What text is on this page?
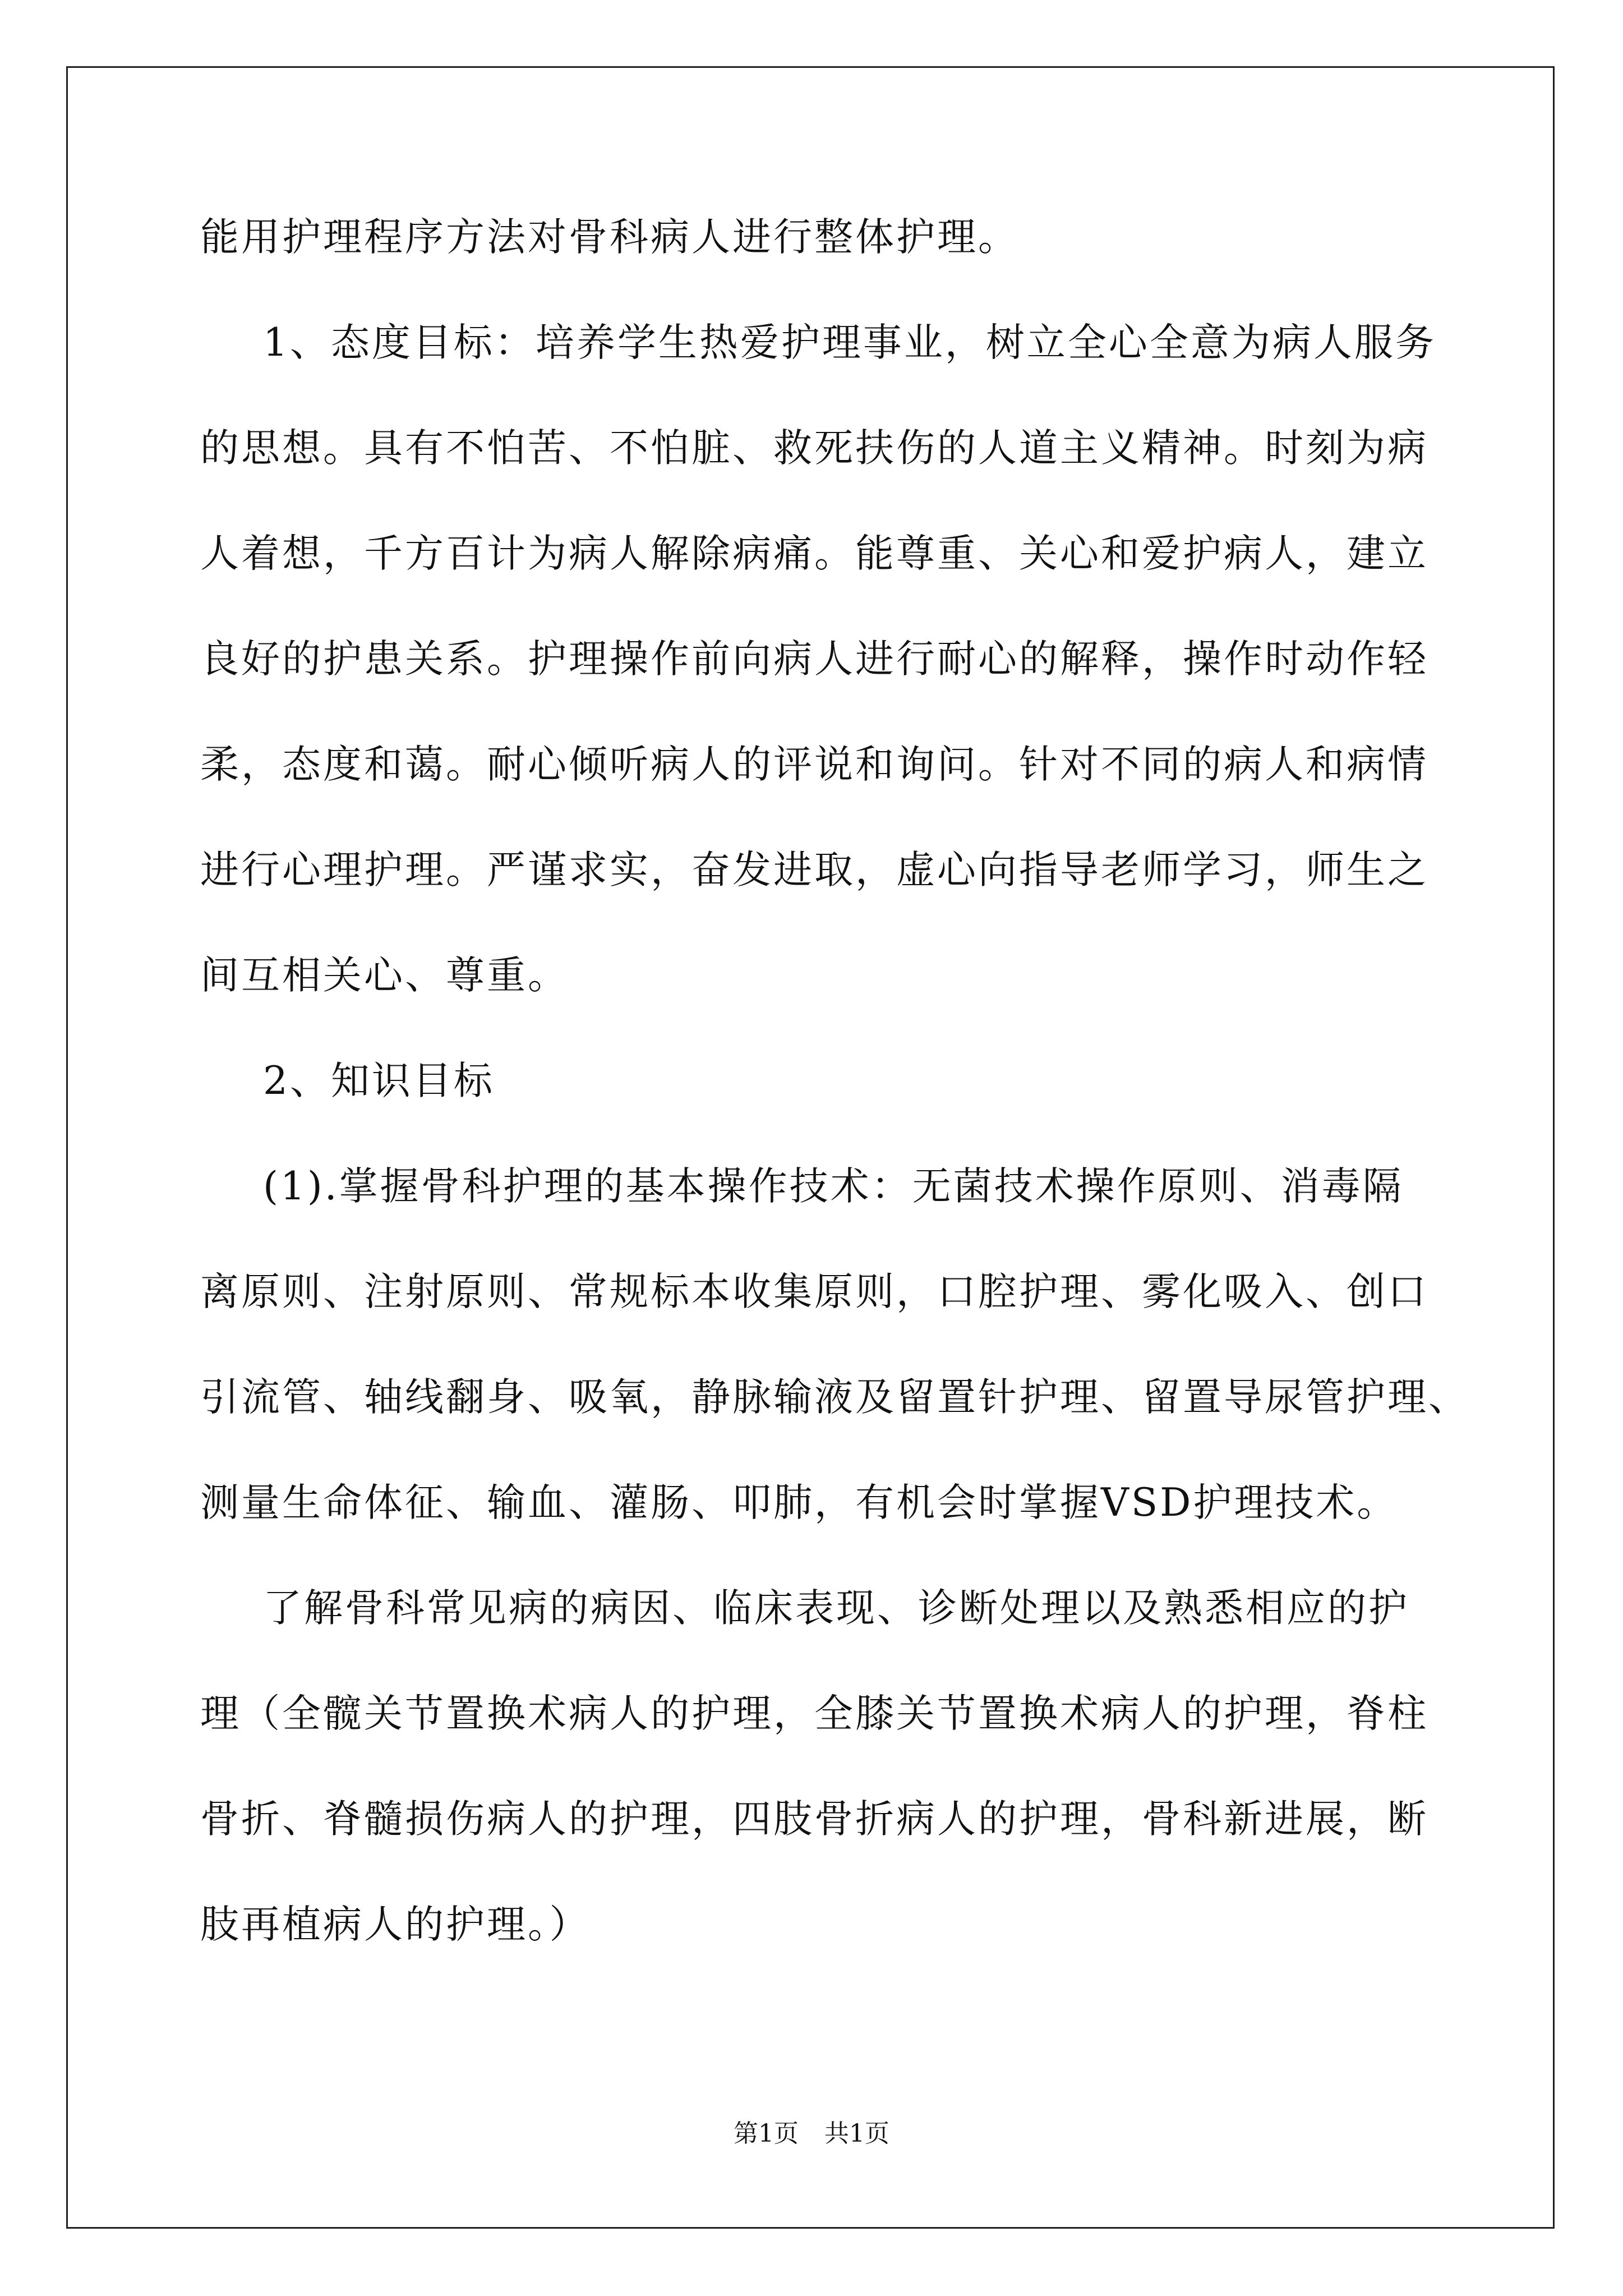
能用护理程序方法对骨科病人进行整体护理。
1、态度目标：培养学生热爱护理事业，树立全心全意为病人服务
的思想。具有不怕苦、不怕脏、救死扶伤的人道主义精神。时刻为病
人着想，千方百计为病人解除病痛。能尊重、关心和爱护病人，建立
良好的护患关系。护理操作前向病人进行耐心的解释，操作时动作轻
柔，态度和蔼。耐心倾听病人的评说和询问。针对不同的病人和病情
进行心理护理。严谨求实，奋发进取，虚心向指导老师学习，师生之
间互相关心、尊重。
2、知识目标
(1).掌握骨科护理的基本操作技术：无菌技术操作原则、消毒隔
离原则、注射原则、常规标本收集原则，口腔护理、雾化吸入、创口
引流管、轴线翻身、吸氧，静脉输液及留置针护理、留置导尿管护理、
测量生命体征、输血、灌肠、叩肺，有机会时掌握VSD护理技术。
了解骨科常见病的病因、临床表现、诊断处理以及熟悉相应的护
理（全髋关节置换术病人的护理，全膝关节置换术病人的护理，脊柱
骨折、脊髓损伤病人的护理，四肢骨折病人的护理，骨科新进展，断
肢再植病人的护理。）
第1页 共1页
